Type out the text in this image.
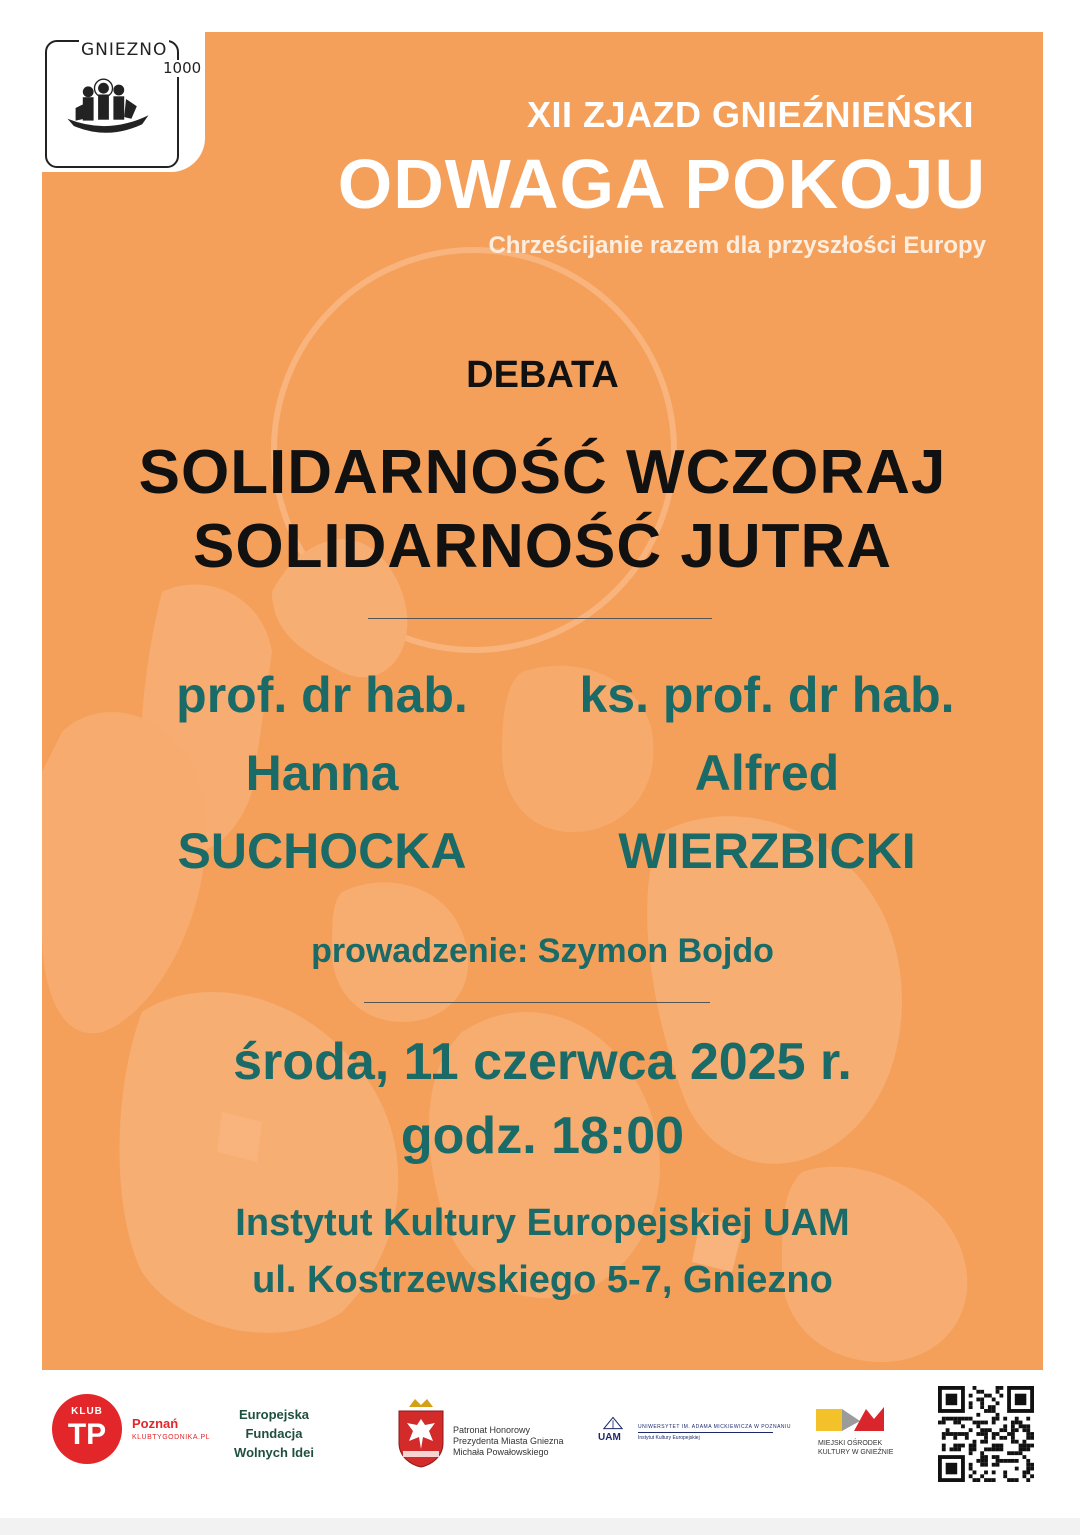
GNIEZNO
1000
XII ZJAZD GNIEŹNIEŃSKI
ODWAGA POKOJU
Chrześcijanie razem dla przyszłości Europy
DEBATA
SOLIDARNOŚĆ WCZORAJ
SOLIDARNOŚĆ JUTRA
prof. dr hab.
Hanna
SUCHOCKA
ks. prof. dr hab.
Alfred
WIERZBICKI
prowadzenie: Szymon Bojdo
środa, 11 czerwca 2025 r.
godz. 18:00
Instytut Kultury Europejskiej UAM
ul. Kostrzewskiego 5-7, Gniezno
KLUB
TP	Poznań
KLUBTYGODNIKA.PL
Europejska
Fundacja
Wolnych Idei
Patronat Honorowy
Prezydenta Miasta Gniezna
Michała Powałowskiego
UAM
UNIWERSYTET IM. ADAMA MICKIEWICZA W POZNANIU
Instytut Kultury Europejskiej
MIEJSKI OŚRODEK
KULTURY W GNIEŹNIE
